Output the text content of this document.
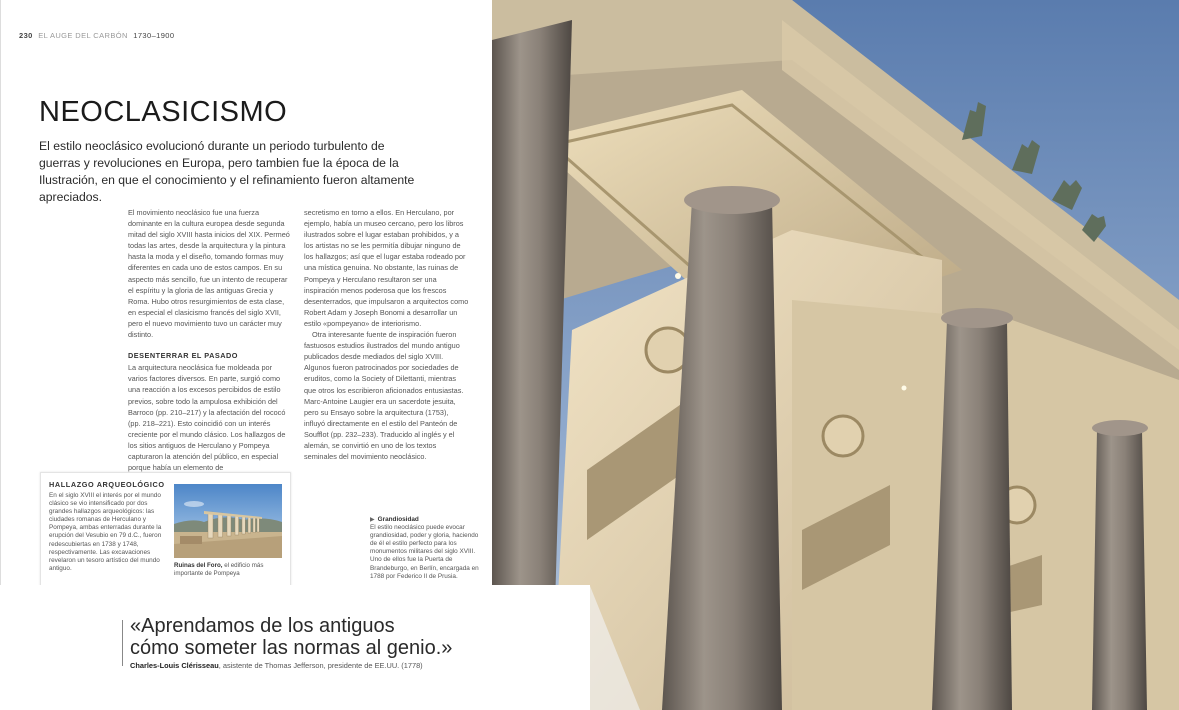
230 EL AUGE DEL CARBÓN 1730–1900
NEOCLASICISMO
El estilo neoclásico evolucionó durante un periodo turbulento de guerras y revoluciones en Europa, pero tambien fue la época de la Ilustración, en que el conocimiento y el refinamiento fueron altamente apreciados.

El movimiento neoclásico fue una fuerza dominante en la cultura europea desde segunda mitad del siglo XVIII hasta inicios del XIX. Permeó todas las artes, desde la arquitectura y la pintura hasta la moda y el diseño, tomando formas muy diferentes en cada uno de estos campos. En su aspecto más sencillo, fue un intento de recuperar el espíritu y la gloria de las antiguas Grecia y Roma. Hubo otros resurgimientos de esta clase, en especial el clasicismo francés del siglo XVII, pero el nuevo movimiento tuvo un carácter muy distinto.

DESENTERRAR EL PASADO

La arquitectura neoclásica fue moldeada por varios factores diversos. En parte, surgió como una reacción a los excesos percibidos de estilo previos, sobre todo la ampulosa exhibición del Barroco (pp. 210–217) y la afectación del rococó (pp. 218–221). Esto coincidió con un interés creciente por el mundo clásico. Los hallazgos de los sitios antiguos de Herculano y Pompeya capturaron la atención del público, en especial porque había un elemento de

secretismo en torno a ellos. En Herculano, por ejemplo, había un museo cercano, pero los libros ilustrados sobre el lugar estaban prohibidos, y a los artistas no se les permitía dibujar ninguno de los hallazgos; así que el lugar estaba rodeado por una mística genuina. No obstante, las ruinas de Pompeya y Herculano resultaron ser una inspiración menos poderosa que los frescos desenterrados, que impulsaron a arquitectos como Robert Adam y Joseph Bonomi a desarrollar un estilo «pompeyano» de interiorismo.

Otra interesante fuente de inspiración fueron fastuosos estudios ilustrados del mundo antiguo publicados desde mediados del siglo XVIII. Algunos fueron patrocinados por sociedades de eruditos, como la Society of Dilettanti, mientras que otros los escribieron aficionados entusiastas. Marc-Antoine Laugier era un sacerdote jesuita, pero su Ensayo sobre la arquitectura (1753), influyó directamente en el estilo del Panteón de Soufflot (pp. 232–233). Traducido al inglés y el alemán, se convirtió en uno de los textos seminales del movimiento neoclásico.

HALLAZGO ARQUEOLÓGICO
En el siglo XVIII el interés por el mundo clásico se vio intensificado por dos grandes hallazgos arqueológicos: las ciudades romanas de Herculano y Pompeya, ambas enterradas durante la erupción del Vesubio en 79 d.C., fueron redescubiertas en 1738 y 1748, respectivamente. Las excavaciones revelaron un tesoro artístico del mundo antiguo.	Ruinas del Foro, el edificio más importante de Pompeya
▶ Grandiosidad
El estilo neoclásico puede evocar grandiosidad, poder y gloria, haciendo de él el estilo perfecto para los monumentos militares del siglo XVIII. Uno de ellos fue la Puerta de Brandeburgo, en Berlín, encargada en 1788 por Federico II de Prusia.
«Aprendamos de los antiguos
cómo someter las normas al genio.»
Charles-Louis Clérisseau, asistente de Thomas Jefferson, presidente de EE.UU. (1778)
